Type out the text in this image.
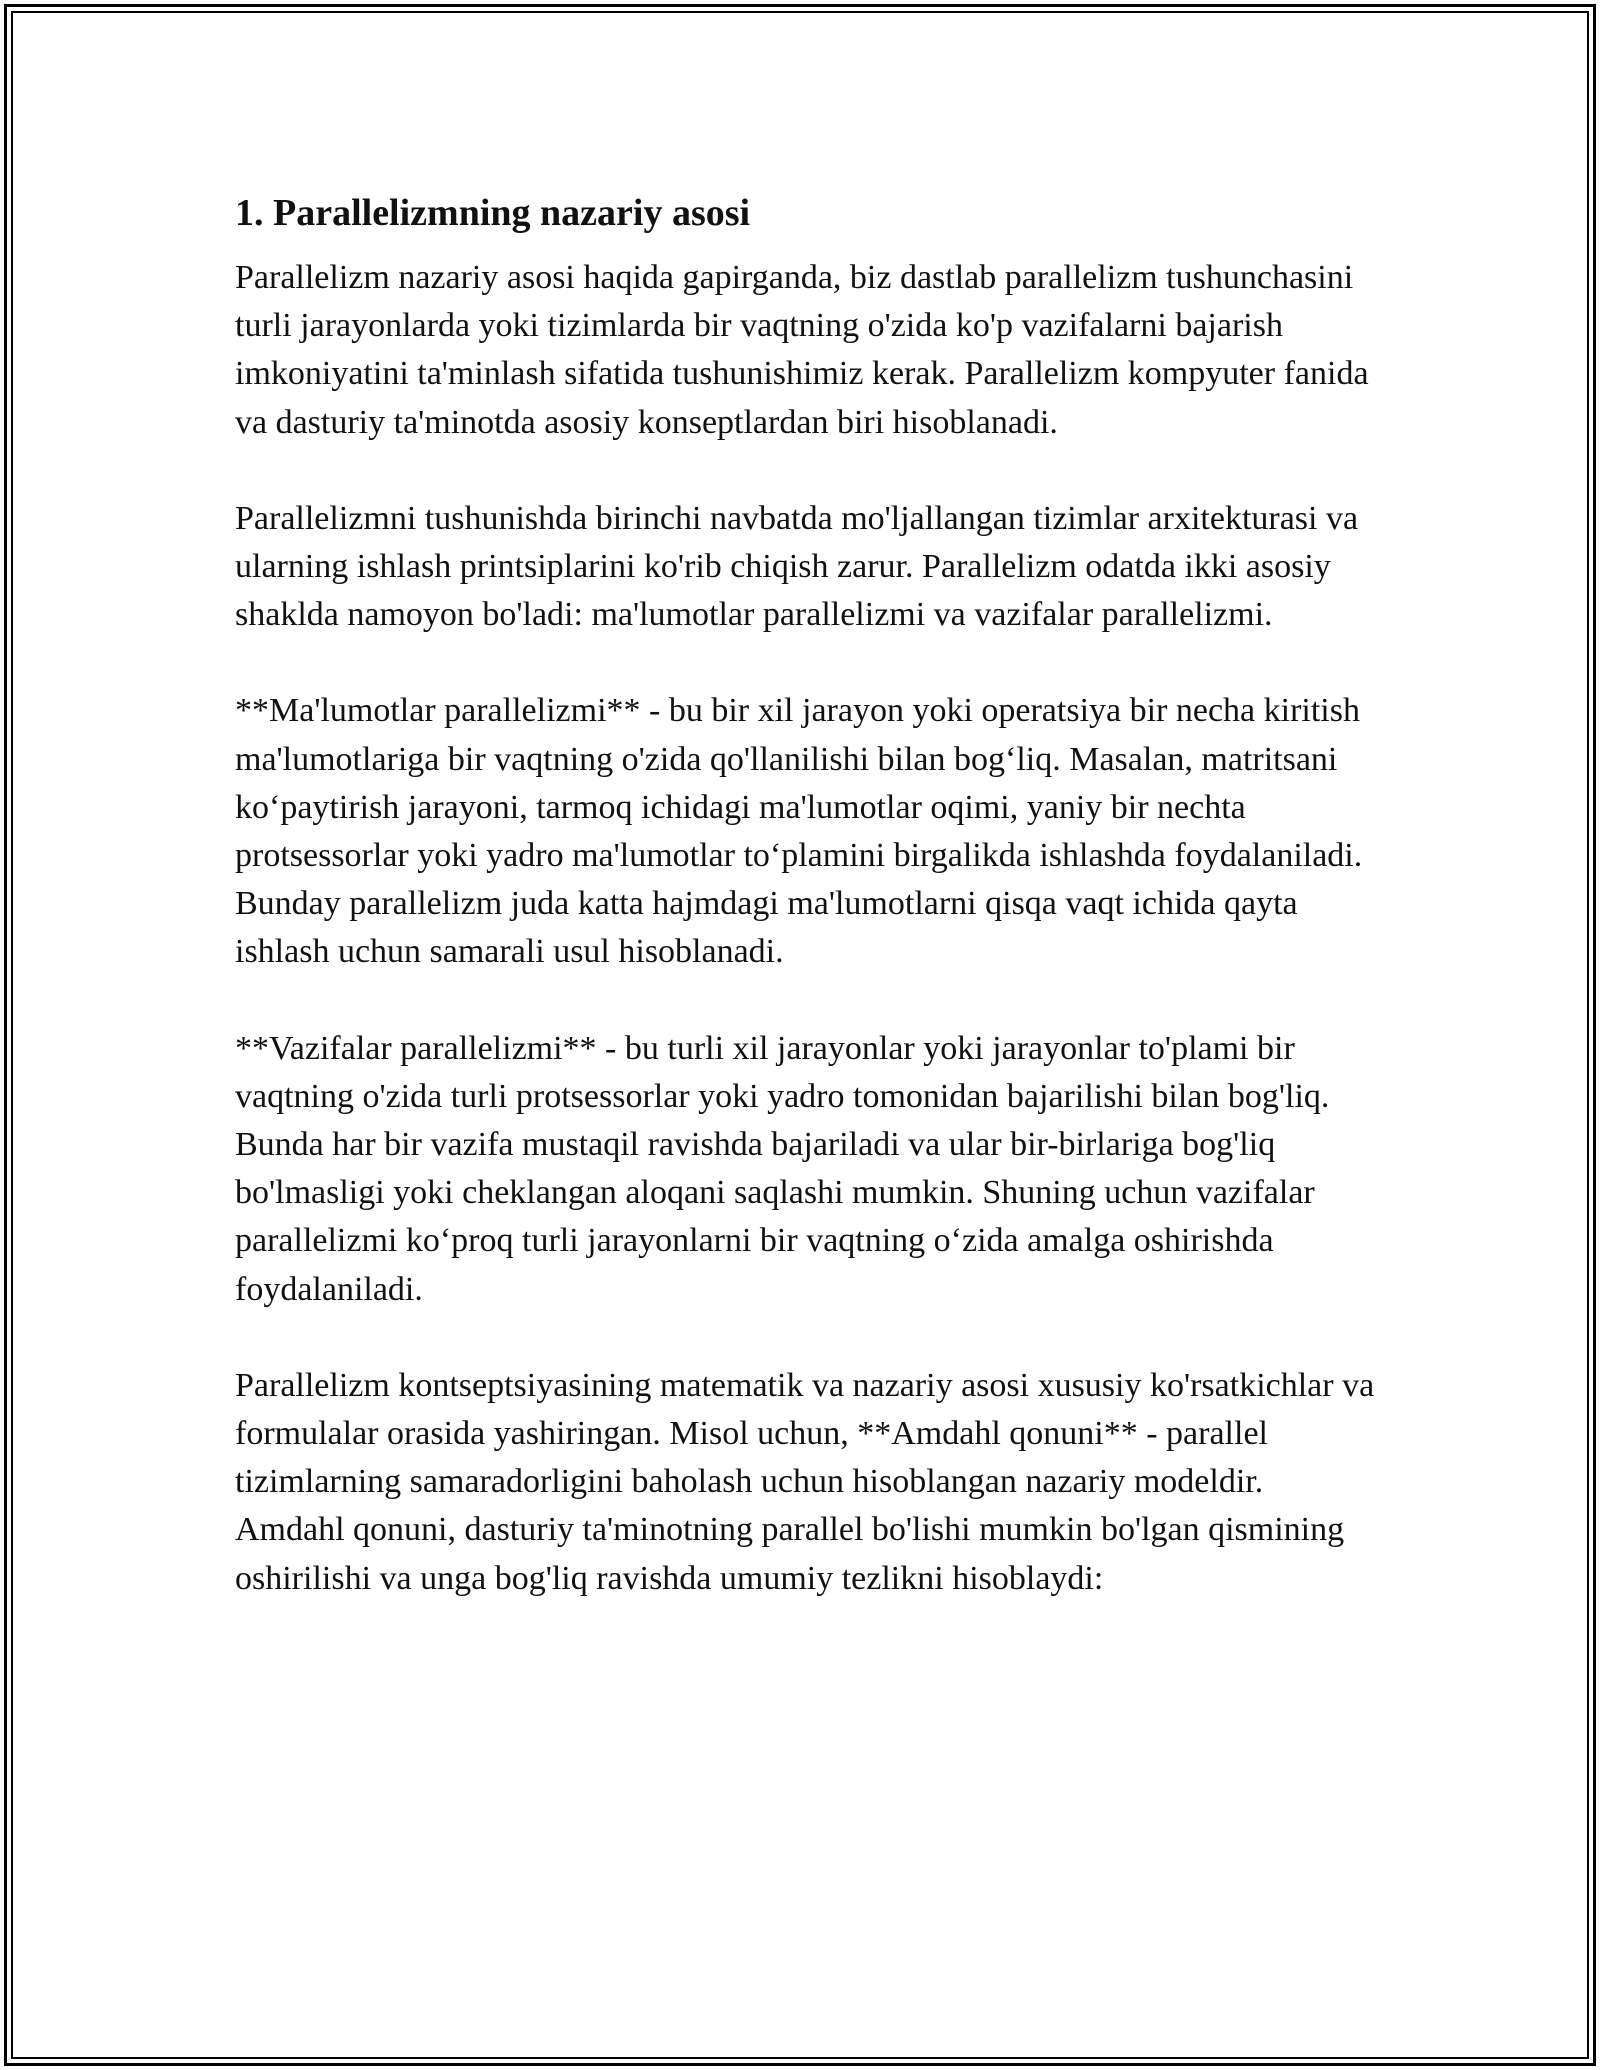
1. Parallelizmning nazariy asosi

Parallelizm nazariy asosi haqida gapirganda, biz dastlab parallelizm tushunchasini turli jarayonlarda yoki tizimlarda bir vaqtning o'zida ko'p vazifalarni bajarish imkoniyatini ta'minlash sifatida tushunishimiz kerak. Parallelizm kompyuter fanida va dasturiy ta'minotda asosiy konseptlardan biri hisoblanadi.

Parallelizmni tushunishda birinchi navbatda mo'ljallangan tizimlar arxitekturasi va ularning ishlash printsiplarini ko'rib chiqish zarur. Parallelizm odatda ikki asosiy shaklda namoyon bo'ladi: ma'lumotlar parallelizmi va vazifalar parallelizmi.

**Ma'lumotlar parallelizmi** - bu bir xil jarayon yoki operatsiya bir necha kiritish ma'lumotlariga bir vaqtning o'zida qo'llanilishi bilan bog‘liq. Masalan, matritsani ko‘paytirish jarayoni, tarmoq ichidagi ma'lumotlar oqimi, yaniy bir nechta protsessorlar yoki yadro ma'lumotlar to‘plamini birgalikda ishlashda foydalaniladi. Bunday parallelizm juda katta hajmdagi ma'lumotlarni qisqa vaqt ichida qayta ishlash uchun samarali usul hisoblanadi.

**Vazifalar parallelizmi** - bu turli xil jarayonlar yoki jarayonlar to'plami bir vaqtning o'zida turli protsessorlar yoki yadro tomonidan bajarilishi bilan bog'liq. Bunda har bir vazifa mustaqil ravishda bajariladi va ular bir-birlariga bog'liq bo'lmasligi yoki cheklangan aloqani saqlashi mumkin. Shuning uchun vazifalar parallelizmi ko‘proq turli jarayonlarni bir vaqtning o‘zida amalga oshirishda foydalaniladi.

Parallelizm kontseptsiyasining matematik va nazariy asosi xususiy ko'rsatkichlar va formulalar orasida yashiringan. Misol uchun, **Amdahl qonuni** - parallel tizimlarning samaradorligini baholash uchun hisoblangan nazariy modeldir. Amdahl qonuni, dasturiy ta'minotning parallel bo'lishi mumkin bo'lgan qismining oshirilishi va unga bog'liq ravishda umumiy tezlikni hisoblaydi:
